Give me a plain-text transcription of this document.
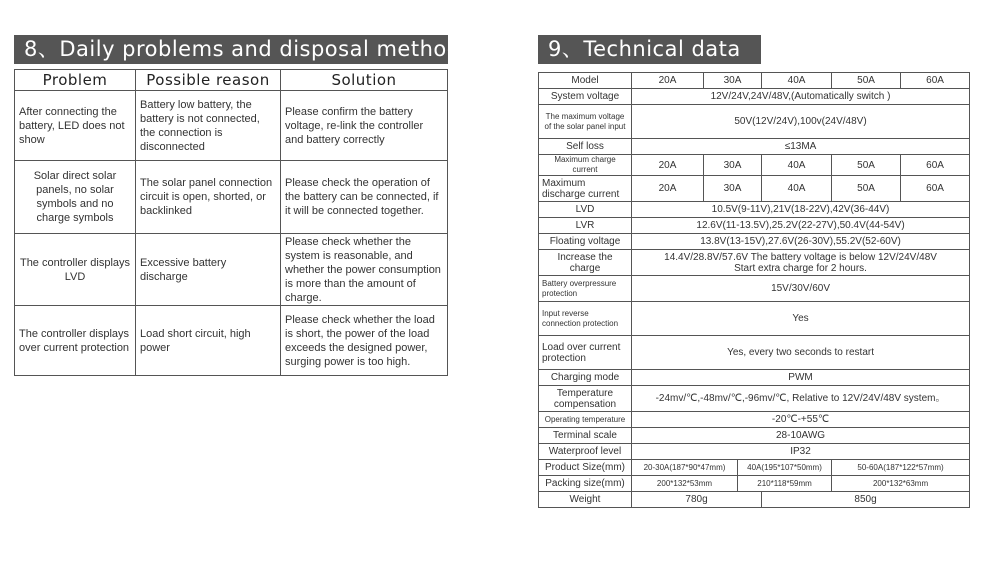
8、Daily problems and disposal methods	9、Technical data
Problem	Possible reason	Solution
After connecting the battery, LED does not show	Battery low battery, the battery is not connected, the connection is disconnected	Please confirm the battery voltage, re-link the controller and battery correctly
Solar direct solar panels, no solar symbols and no charge symbols	The solar panel connection circuit is open, shorted, or backlinked	Please check the operation of the battery can be connected, if it will be connected together.
The controller displays LVD	Excessive battery discharge	Please check whether the system is reasonable, and whether the power consumption is more than the amount of charge.
The controller displays over current protection	Load short circuit, high power	Please check whether the load is short, the power of the load exceeds the designed power, surging power is too high.
Model	20A	30A		40A	50A	60A
System voltage	12V/24V,24V/48V,(Automatically switch )					
The maximum voltage of the solar panel input	50V(12V/24V),100v(24V/48V)					
Self loss	≤13MA					
Maximum charge current	20A	30A		40A	50A	60A
Maximum discharge current	20A	30A		40A	50A	60A
LVD	10.5V(9-11V),21V(18-22V),42V(36-44V)					
LVR	12.6V(11-13.5V),25.2V(22-27V),50.4V(44-54V)					
Floating voltage	13.8V(13-15V),27.6V(26-30V),55.2V(52-60V)					
Increase the charge	14.4V/28.8V/57.6V The battery voltage is below 12V/24V/48V
Start extra charge for 2 hours.					

Battery overpressure protection	15V/30V/60V					
Input reverse connection protection	Yes					
Load over current protection	Yes, every two seconds to restart					
Charging mode	PWM					
Temperature compensation	-24mv/℃,-48mv/℃,-96mv/℃, Relative to 12V/24V/48V system。					
Operating temperature	-20℃-+55℃					
Terminal scale	28-10AWG					
Waterproof level	IP32					
Product Size(mm)	20-30A(187*90*47mm)		40A(195*107*50mm)		50-60A(187*122*57mm)	
Packing size(mm)	200*132*53mm		210*118*59mm		200*132*63mm	
Weight	780g			850g		
